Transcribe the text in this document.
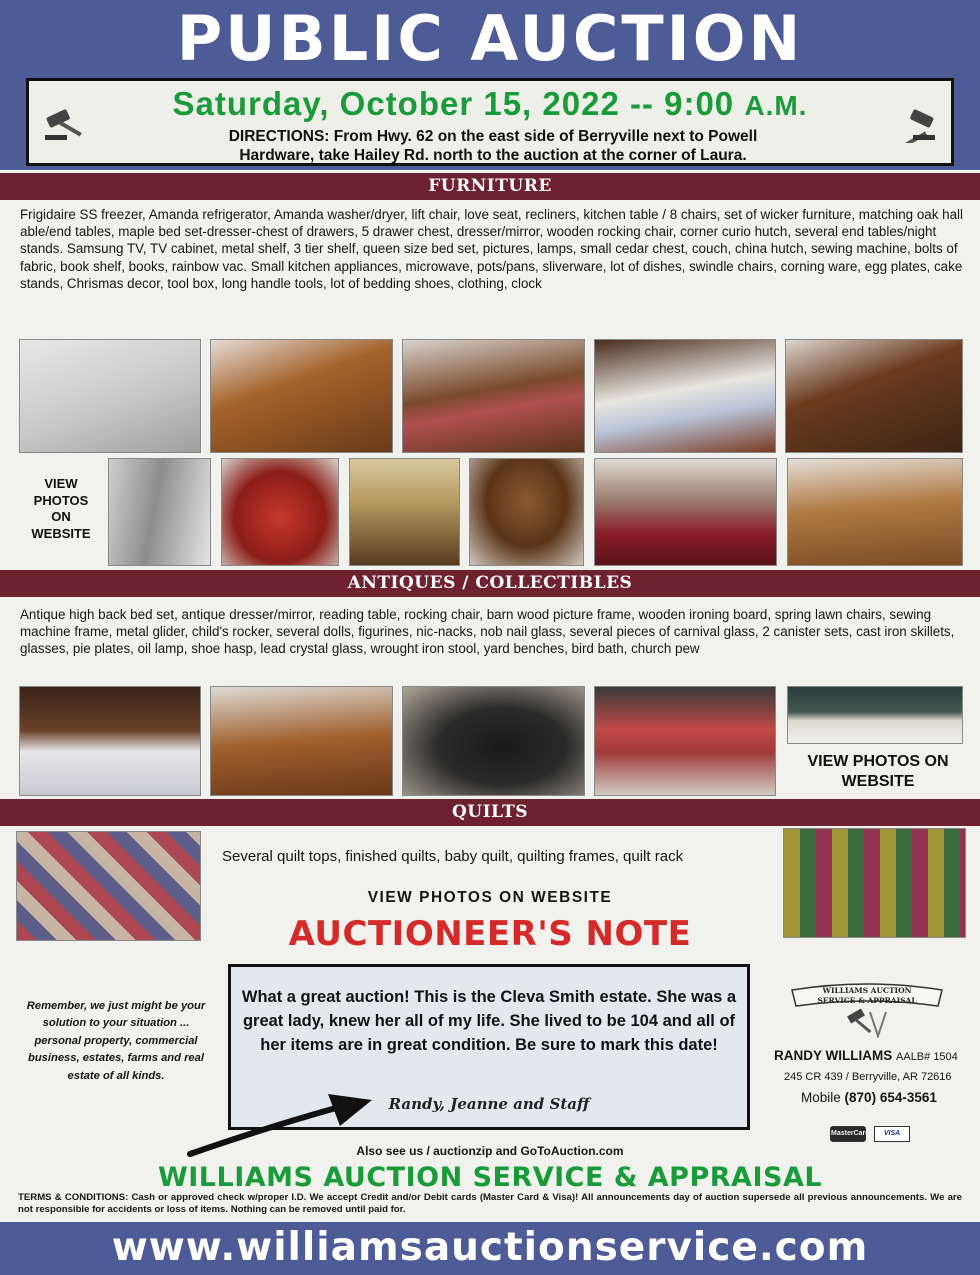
PUBLIC AUCTION
Saturday, October 15, 2022 -- 9:00 A.M.
DIRECTIONS: From Hwy. 62 on the east side of Berryville next to Powell
Hardware, take Hailey Rd. north to the auction at the corner of Laura.
FURNITURE
Frigidaire SS freezer, Amanda refrigerator, Amanda washer/dryer, lift chair, love seat, recliners, kitchen table / 8 chairs, set of wicker furniture, matching oak hall able/end tables, maple bed set-dresser-chest of drawers, 5 drawer chest, dresser/mirror, wooden rocking chair, corner curio hutch, several end tables/night stands. Samsung TV, TV cabinet, metal shelf, 3 tier shelf, queen size bed set, pictures, lamps, small cedar chest, couch, china hutch, sewing machine, bolts of fabric, book shelf, books, rainbow vac. Small kitchen appliances, microwave, pots/pans, sliverware, lot of dishes, swindle chairs, corning ware, egg plates, cake stands, Chrismas decor, tool box, long handle tools, lot of bedding shoes, clothing, clock
VIEW PHOTOS ON WEBSITE
ANTIQUES / COLLECTIBLES
Antique high back bed set, antique dresser/mirror, reading table, rocking chair, barn wood picture frame, wooden ironing board, spring lawn chairs, sewing machine frame, metal glider, child's rocker, several dolls, figurines, nic-nacks, nob nail glass, several pieces of carnival glass, 2 canister sets, cast iron skillets, glasses, pie plates, oil lamp, shoe hasp, lead crystal glass, wrought iron stool, yard benches, bird bath, church pew
VIEW PHOTOS ON WEBSITE
QUILTS
Several quilt tops, finished quilts, baby quilt, quilting frames, quilt rack
VIEW PHOTOS ON WEBSITE
AUCTIONEER'S NOTE
What a great auction! This is the Cleva Smith estate. She was a great lady, knew her all of my life. She lived to be 104 and all of her items are in great condition. Be sure to mark this date!
Randy, Jeanne and Staff
Remember, we just might be your solution to your situation ... personal property, commercial business, estates, farms and real estate of all kinds.
WILLIAMS AUCTION
SERVICE & APPRAISAL
RANDY WILLIAMS AALB# 1504
245 CR 439 / Berryville, AR 72616
Mobile (870) 654-3561
MasterCard	VISA
Also see us / auctionzip and GoToAuction.com
WILLIAMS AUCTION SERVICE & APPRAISAL
TERMS & CONDITIONS: Cash or approved check w/proper I.D. We accept Credit and/or Debit cards (Master Card & Visa)! All announcements day of auction supersede all previous announcements. We are not responsible for accidents or loss of items. Nothing can be removed until paid for.
www.williamsauctionservice.com
